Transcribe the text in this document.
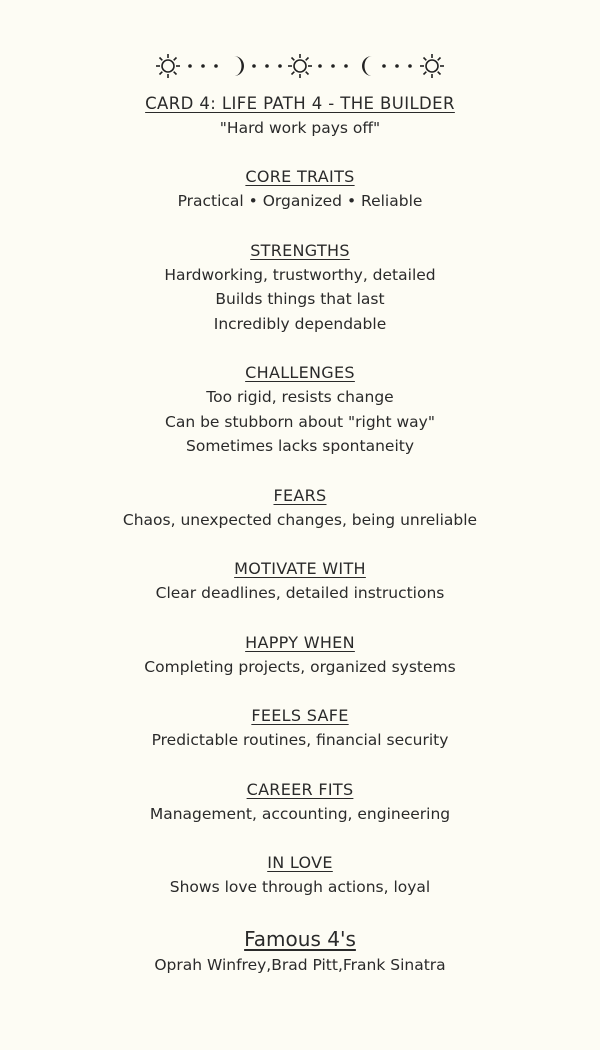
CARD 4: LIFE PATH 4 - THE BUILDER

"Hard work pays off"

CORE TRAITS

Practical • Organized • Reliable

STRENGTHS

Hardworking, trustworthy, detailed

Builds things that last

Incredibly dependable

CHALLENGES

Too rigid, resists change

Can be stubborn about "right way"

Sometimes lacks spontaneity

FEARS

Chaos, unexpected changes, being unreliable

MOTIVATE WITH

Clear deadlines, detailed instructions

HAPPY WHEN

Completing projects, organized systems

FEELS SAFE

Predictable routines, financial security

CAREER FITS

Management, accounting, engineering

IN LOVE

Shows love through actions, loyal

Famous 4's

Oprah Winfrey,Brad Pitt,Frank Sinatra
